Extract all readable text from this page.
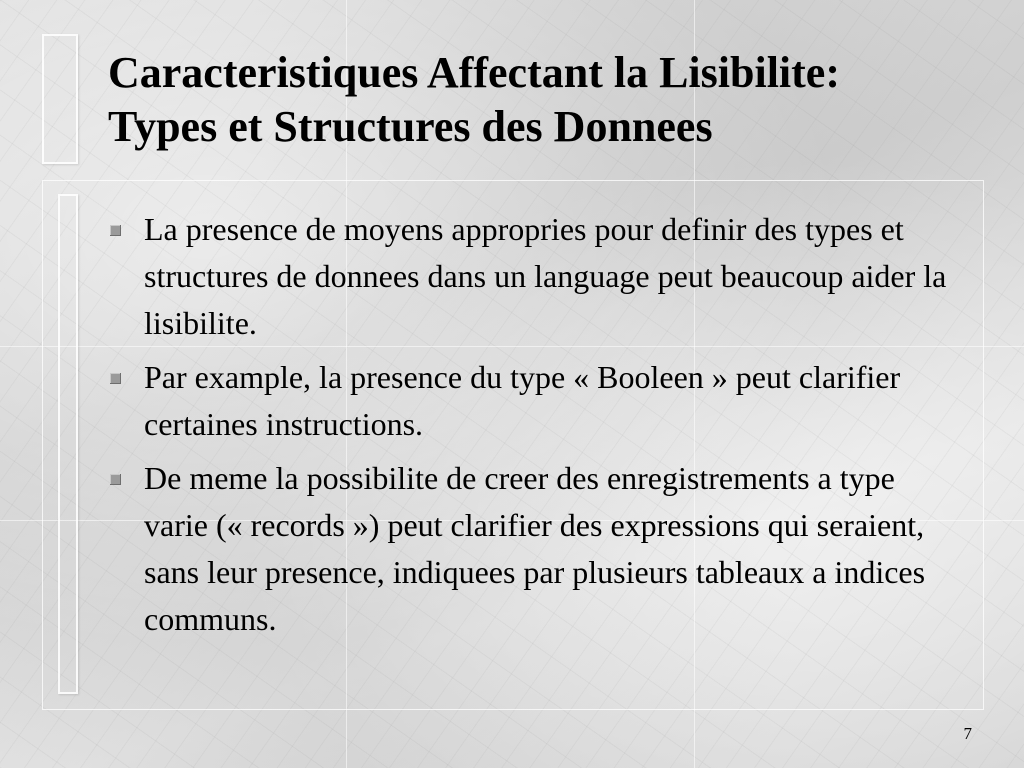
Caracteristiques Affectant la Lisibilite:
Types et Structures des Donnees
La presence de moyens appropries pour definir des types et structures de donnees dans un language peut beaucoup aider la lisibilite.
Par example, la presence du type « Booleen » peut clarifier certaines instructions.
De meme la possibilite de creer des enregistrements a type varie (« records ») peut clarifier des expressions qui seraient, sans leur presence, indiquees par plusieurs tableaux a indices communs.
7
